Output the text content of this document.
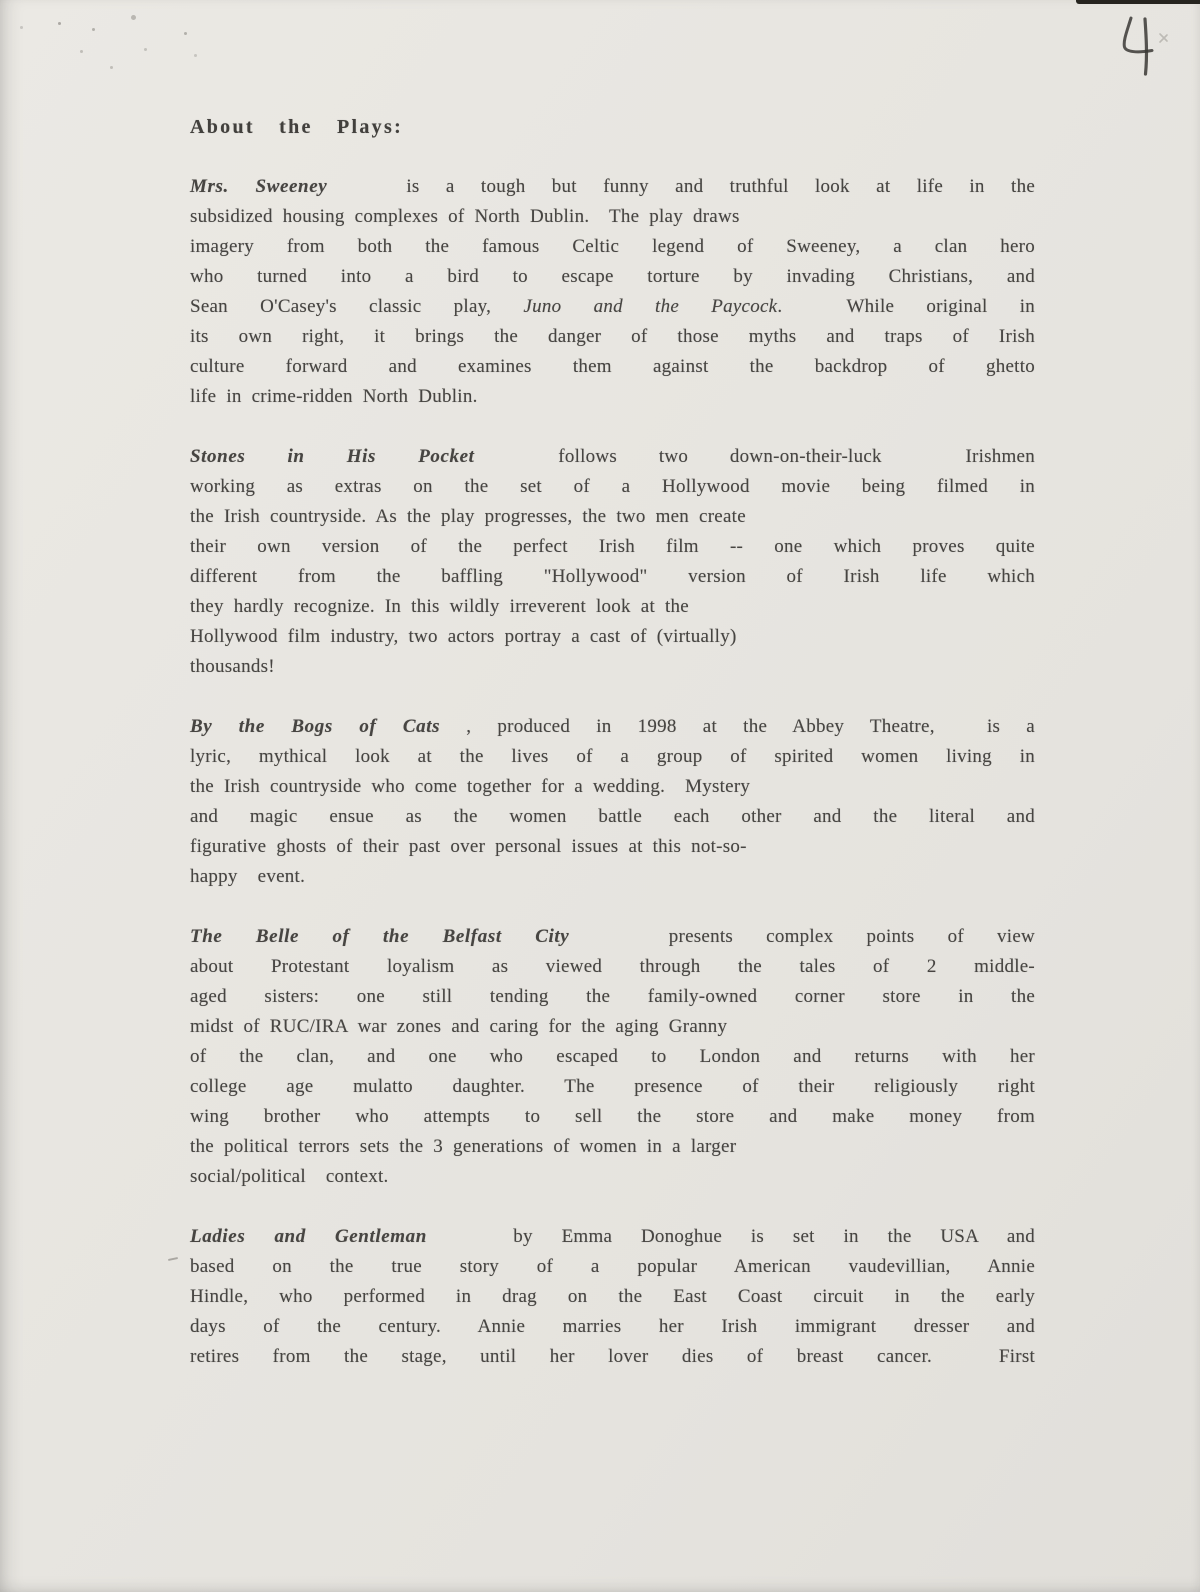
About the Plays:
Mrs. Sweeney   is a tough but funny and truthful look at life in the
subsidized housing complexes of North Dublin.  The play draws
imagery from both the famous Celtic legend of Sweeney, a clan hero
who turned into a bird to escape torture by invading Christians, and
Sean O'Casey's classic play, Juno and the Paycock.  While original in
its own right, it brings the danger of those myths and traps of Irish
culture forward and examines them against the backdrop of ghetto
life in crime-ridden North Dublin.
Stones in His Pocket  follows two down-on-their-luck  Irishmen
working as extras on the set of a Hollywood movie being filmed in
the Irish countryside. As the play progresses, the two men create
their own version of the perfect Irish film -- one which proves quite
different from the baffling "Hollywood" version of Irish life which
they hardly recognize. In this wildly irreverent look at the
Hollywood film industry, two actors portray a cast of (virtually)
thousands!
By the Bogs of Cats , produced in 1998 at the Abbey Theatre,  is a
lyric, mythical look at the lives of a group of spirited women living in
the Irish countryside who come together for a wedding.  Mystery
and magic ensue as the women battle each other and the literal and
figurative ghosts of their past over personal issues at this not-so-
happy  event.
The Belle of the Belfast City   presents complex points of view
about Protestant loyalism as viewed through the tales of 2 middle-
aged sisters: one still tending the family-owned corner store in the
midst of RUC/IRA war zones and caring for the aging Granny
of the clan, and one who escaped to London and returns with her
college age mulatto daughter. The presence of their religiously right
wing brother who attempts to sell the store and make money from
the political terrors sets the 3 generations of women in a larger
social/political  context.
Ladies and Gentleman   by Emma Donoghue is set in the USA and
based on the true story of a popular American vaudevillian, Annie
Hindle, who performed in drag on the East Coast circuit in the early
days of the century. Annie marries her Irish immigrant dresser and
retires from the stage, until her lover dies of breast cancer.  First
